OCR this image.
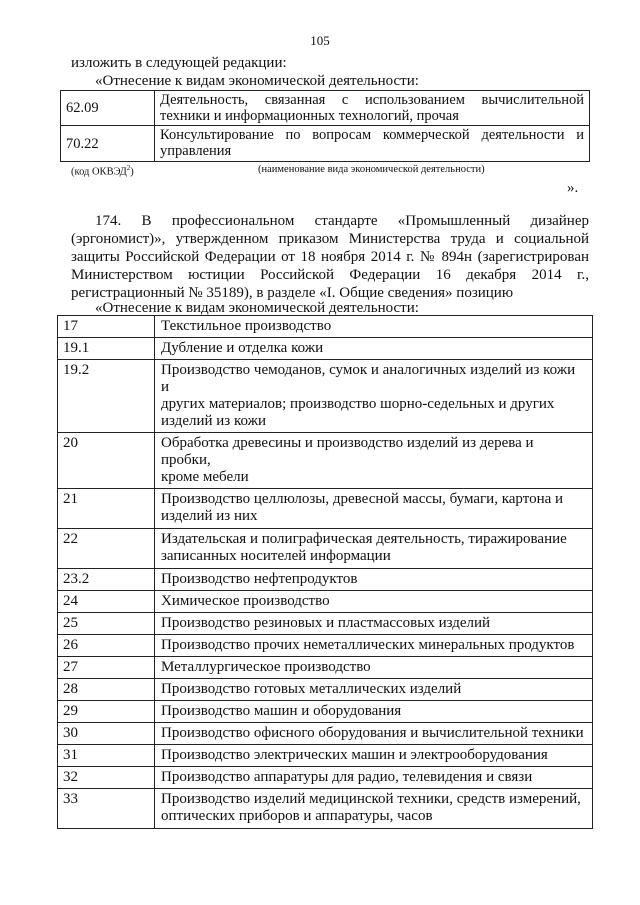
105
изложить в следующей редакции:
«Отнесение к видам экономической деятельности:
62.09	Деятельность, связанная с использованием вычислительной
техники и информационных технологий, прочая

70.22	Консультирование по вопросам коммерческой деятельности и
управления
(код ОКВЭД$^2$)	(наименование вида экономической деятельности)
».
174. В профессиональном стандарте «Промышленный дизайнер
(эргономист)», утвержденном приказом Министерства труда и социальной
защиты Российской Федерации от 18 ноября 2014 г. № 894н (зарегистрирован
Министерством юстиции Российской Федерации 16 декабря 2014 г.,
регистрационный № 35189), в разделе «I. Общие сведения» позицию
«Отнесение к видам экономической деятельности:
17	Текстильное производство

19.1	Дубление и отделка кожи

19.2	Производство чемоданов, сумок и аналогичных изделий из кожи и
других материалов; производство шорно-седельных и других
изделий из кожи

20	Обработка древесины и производство изделий из дерева и пробки,
кроме мебели

21	Производство целлюлозы, древесной массы, бумаги, картона и
изделий из них

22	Издательская и полиграфическая деятельность, тиражирование
записанных носителей информации

23.2	Производство нефтепродуктов

24	Химическое производство

25	Производство резиновых и пластмассовых изделий

26	Производство прочих неметаллических минеральных продуктов

27	Металлургическое производство

28	Производство готовых металлических изделий

29	Производство машин и оборудования

30	Производство офисного оборудования и вычислительной техники

31	Производство электрических машин и электрооборудования

32	Производство аппаратуры для радио, телевидения и связи

33	Производство изделий медицинской техники, средств измерений,
оптических приборов и аппаратуры, часов
